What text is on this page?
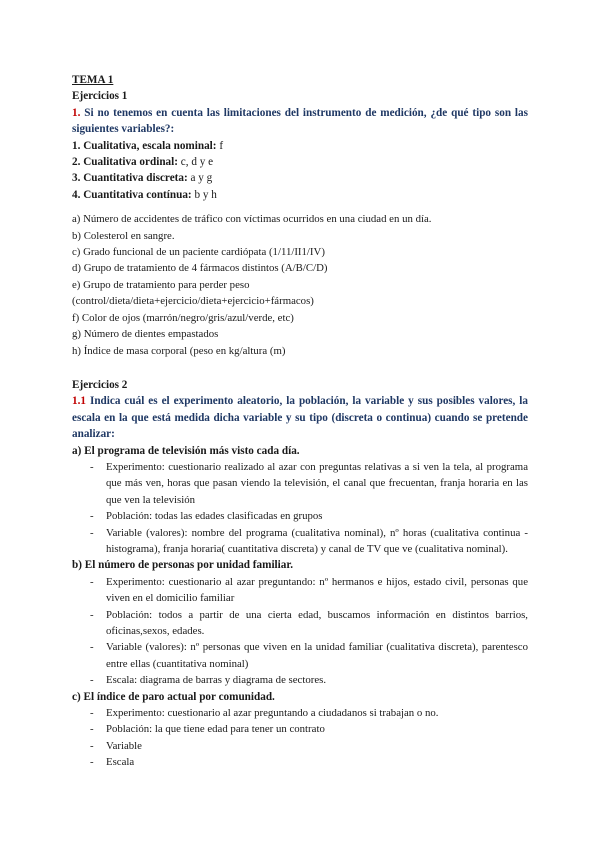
TEMA 1

Ejercicios 1

1. Si no tenemos en cuenta las limitaciones del instrumento de medición, ¿de qué tipo son las siguientes variables?:

1. Cualitativa, escala nominal: f

2. Cualitativa ordinal: c, d y e

3. Cuantitativa discreta: a y g

4. Cuantitativa contínua: b y h

a) Número de accidentes de tráfico con víctimas ocurridos en una ciudad en un día.

b) Colesterol en sangre.

c) Grado funcional de un paciente cardiópata (1/11/II1/IV)

d) Grupo de tratamiento de 4 fármacos distintos (A/B/C/D)

e) Grupo de tratamiento para perder peso

(control/dieta/dieta+ejercicio/dieta+ejercicio+fármacos)

f) Color de ojos (marrón/negro/gris/azul/verde, etc)

g) Número de dientes empastados

h) Índice de masa corporal (peso en kg/altura (m)

Ejercicios 2

1.1 Indica cuál es el experimento aleatorio, la población, la variable y sus posibles valores, la escala en la que está medida dicha variable y su tipo (discreta o continua) cuando se pretende analizar:

a) El programa de televisión más visto cada día.

- Experimento: cuestionario realizado al azar con preguntas relativas a si ven la tela, al programa que más ven, horas que pasan viendo la televisión, el canal que frecuentan, franja horaria en las que ven la televisión
- Población: todas las edades clasificadas en grupos
- Variable (valores): nombre del programa (cualitativa nominal), nº horas (cualitativa continua - histograma), franja horaria( cuantitativa discreta) y canal de TV que ve (cualitativa nominal).

b) El número de personas por unidad familiar.

- Experimento: cuestionario al azar preguntando: nº hermanos e hijos, estado civil, personas que viven en el domicilio familiar
- Población: todos a partir de una cierta edad, buscamos información en distintos barrios, oficinas,sexos, edades.
- Variable (valores): nº personas que viven en la unidad familiar (cualitativa discreta), parentesco entre ellas (cuantitativa nominal)
- Escala: diagrama de barras y diagrama de sectores.

c) El índice de paro actual por comunidad.

- Experimento: cuestionario al azar preguntando a ciudadanos si trabajan o no.
- Población: la que tiene edad para tener un contrato
- Variable
- Escala
